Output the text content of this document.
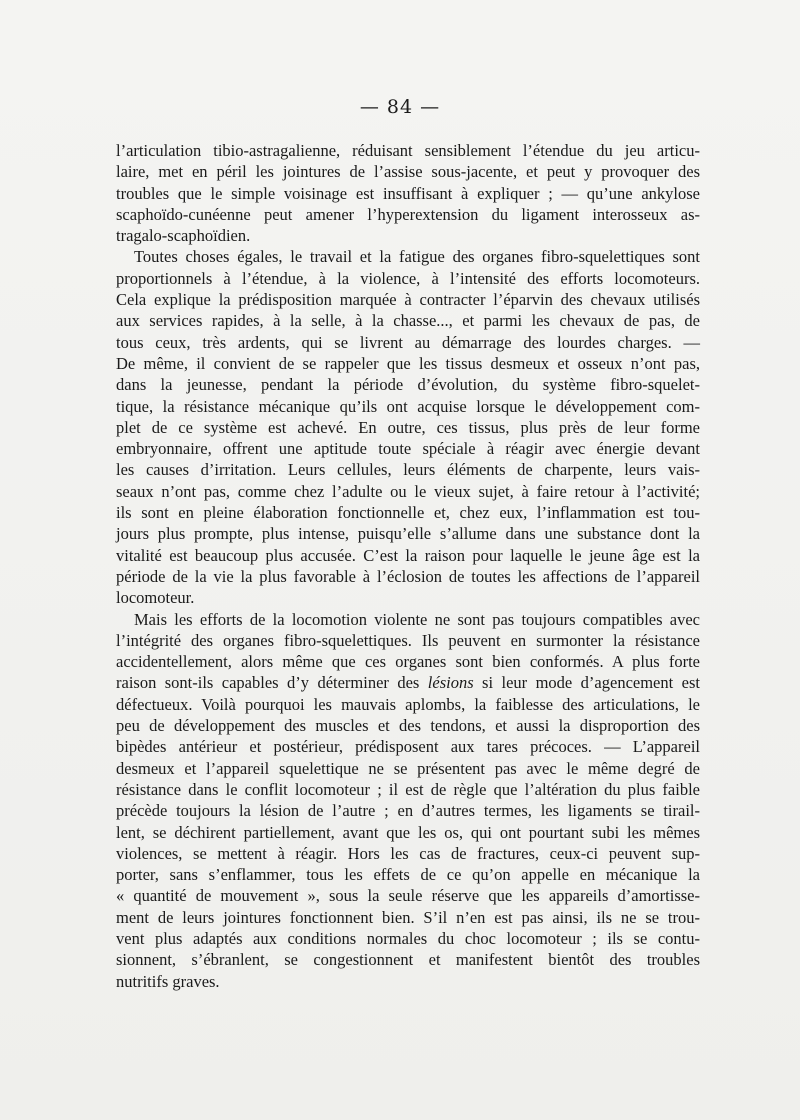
— 84 —

l’articulation tibio-astragalienne, réduisant sensiblement l’étendue du jeu articu-
laire, met en péril les jointures de l’assise sous-jacente, et peut y provoquer des
troubles que le simple voisinage est insuffisant à expliquer ; — qu’une ankylose
scaphoïdo-cunéenne peut amener l’hyperextension du ligament interosseux as-
tragalo-scaphoïdien.

Toutes choses égales, le travail et la fatigue des organes fibro-squelettiques sont
proportionnels à l’étendue, à la violence, à l’intensité des efforts locomoteurs.
Cela explique la prédisposition marquée à contracter l’éparvin des chevaux utilisés
aux services rapides, à la selle, à la chasse..., et parmi les chevaux de pas, de
tous ceux, très ardents, qui se livrent au démarrage des lourdes charges. —
De même, il convient de se rappeler que les tissus desmeux et osseux n’ont pas,
dans la jeunesse, pendant la période d’évolution, du système fibro-squelet-
tique, la résistance mécanique qu’ils ont acquise lorsque le développement com-
plet de ce système est achevé. En outre, ces tissus, plus près de leur forme
embryonnaire, offrent une aptitude toute spéciale à réagir avec énergie devant
les causes d’irritation. Leurs cellules, leurs éléments de charpente, leurs vais-
seaux n’ont pas, comme chez l’adulte ou le vieux sujet, à faire retour à l’activité;
ils sont en pleine élaboration fonctionnelle et, chez eux, l’inflammation est tou-
jours plus prompte, plus intense, puisqu’elle s’allume dans une substance dont la
vitalité est beaucoup plus accusée. C’est la raison pour laquelle le jeune âge est la
période de la vie la plus favorable à l’éclosion de toutes les affections de l’appareil
locomoteur.

Mais les efforts de la locomotion violente ne sont pas toujours compatibles avec
l’intégrité des organes fibro-squelettiques. Ils peuvent en surmonter la résistance
accidentellement, alors même que ces organes sont bien conformés. A plus forte
raison sont-ils capables d’y déterminer des lésions si leur mode d’agencement est
défectueux. Voilà pourquoi les mauvais aplombs, la faiblesse des articulations, le
peu de développement des muscles et des tendons, et aussi la disproportion des
bipèdes antérieur et postérieur, prédisposent aux tares précoces. — L’appareil
desmeux et l’appareil squelettique ne se présentent pas avec le même degré de
résistance dans le conflit locomoteur ; il est de règle que l’altération du plus faible
précède toujours la lésion de l’autre ; en d’autres termes, les ligaments se tirail-
lent, se déchirent partiellement, avant que les os, qui ont pourtant subi les mêmes
violences, se mettent à réagir. Hors les cas de fractures, ceux-ci peuvent sup-
porter, sans s’enflammer, tous les effets de ce qu’on appelle en mécanique la
« quantité de mouvement », sous la seule réserve que les appareils d’amortisse-
ment de leurs jointures fonctionnent bien. S’il n’en est pas ainsi, ils ne se trou-
vent plus adaptés aux conditions normales du choc locomoteur ; ils se contu-
sionnent, s’ébranlent, se congestionnent et manifestent bientôt des troubles
nutritifs graves.
